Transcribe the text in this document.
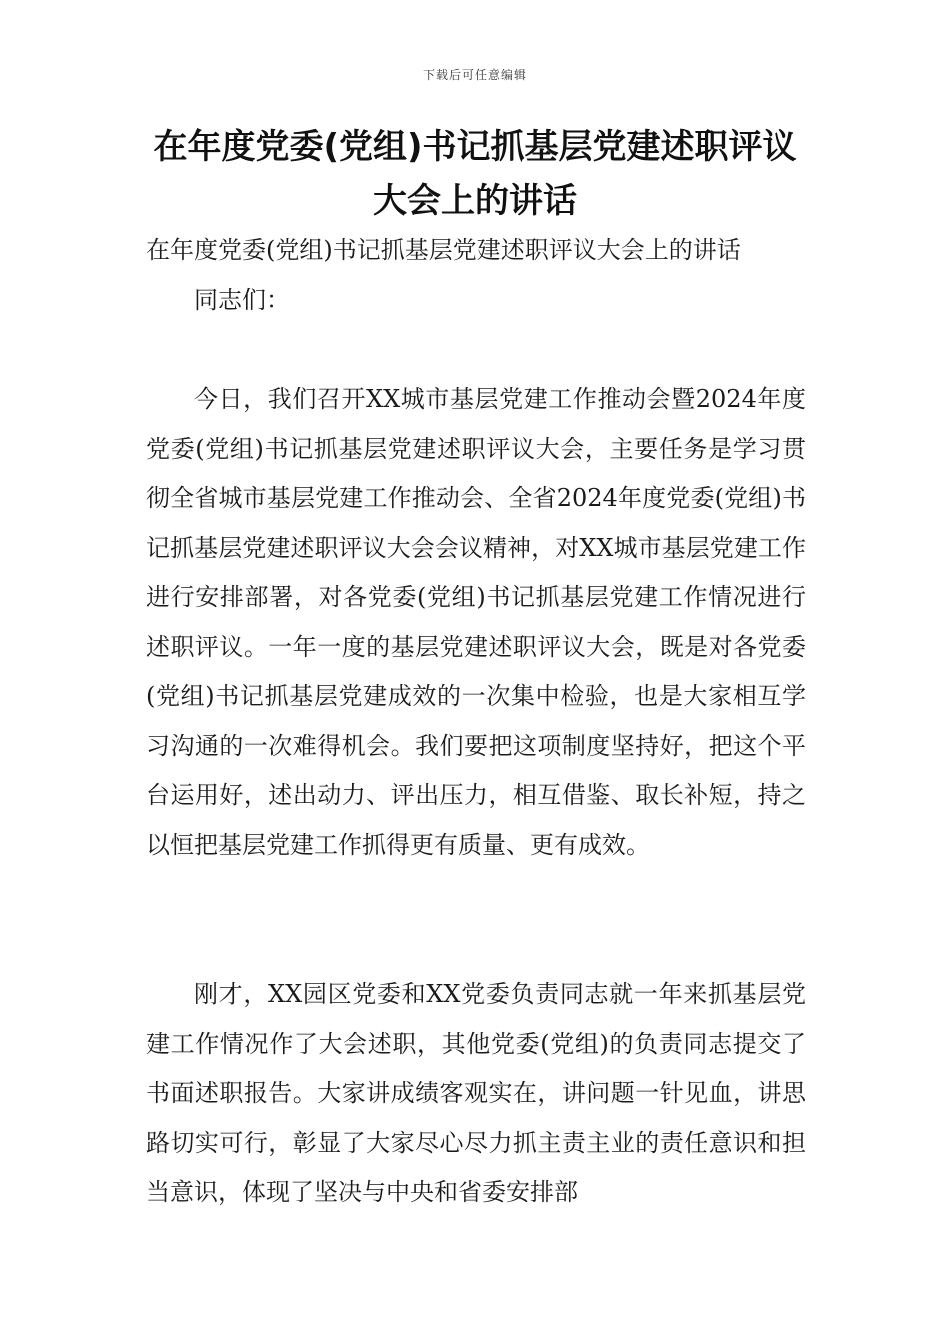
下载后可任意编辑
在年度党委(党组)书记抓基层党建述职评议大会上的讲话

在年度党委(党组)书记抓基层党建述职评议大会上的讲话

同志们：

今日，我们召开XX城市基层党建工作推动会暨2024年度党委(党组)书记抓基层党建述职评议大会，主要任务是学习贯彻全省城市基层党建工作推动会、全省2024年度党委(党组)书记抓基层党建述职评议大会会议精神，对XX城市基层党建工作进行安排部署，对各党委(党组)书记抓基层党建工作情况进行述职评议。一年一度的基层党建述职评议大会，既是对各党委(党组)书记抓基层党建成效的一次集中检验，也是大家相互学习沟通的一次难得机会。我们要把这项制度坚持好，把这个平台运用好，述出动力、评出压力，相互借鉴、取长补短，持之以恒把基层党建工作抓得更有质量、更有成效。

刚才，XX园区党委和XX党委负责同志就一年来抓基层党建工作情况作了大会述职，其他党委(党组)的负责同志提交了书面述职报告。大家讲成绩客观实在，讲问题一针见血，讲思路切实可行，彰显了大家尽心尽力抓主责主业的责任意识和担当意识，体现了坚决与中央和省委安排部
